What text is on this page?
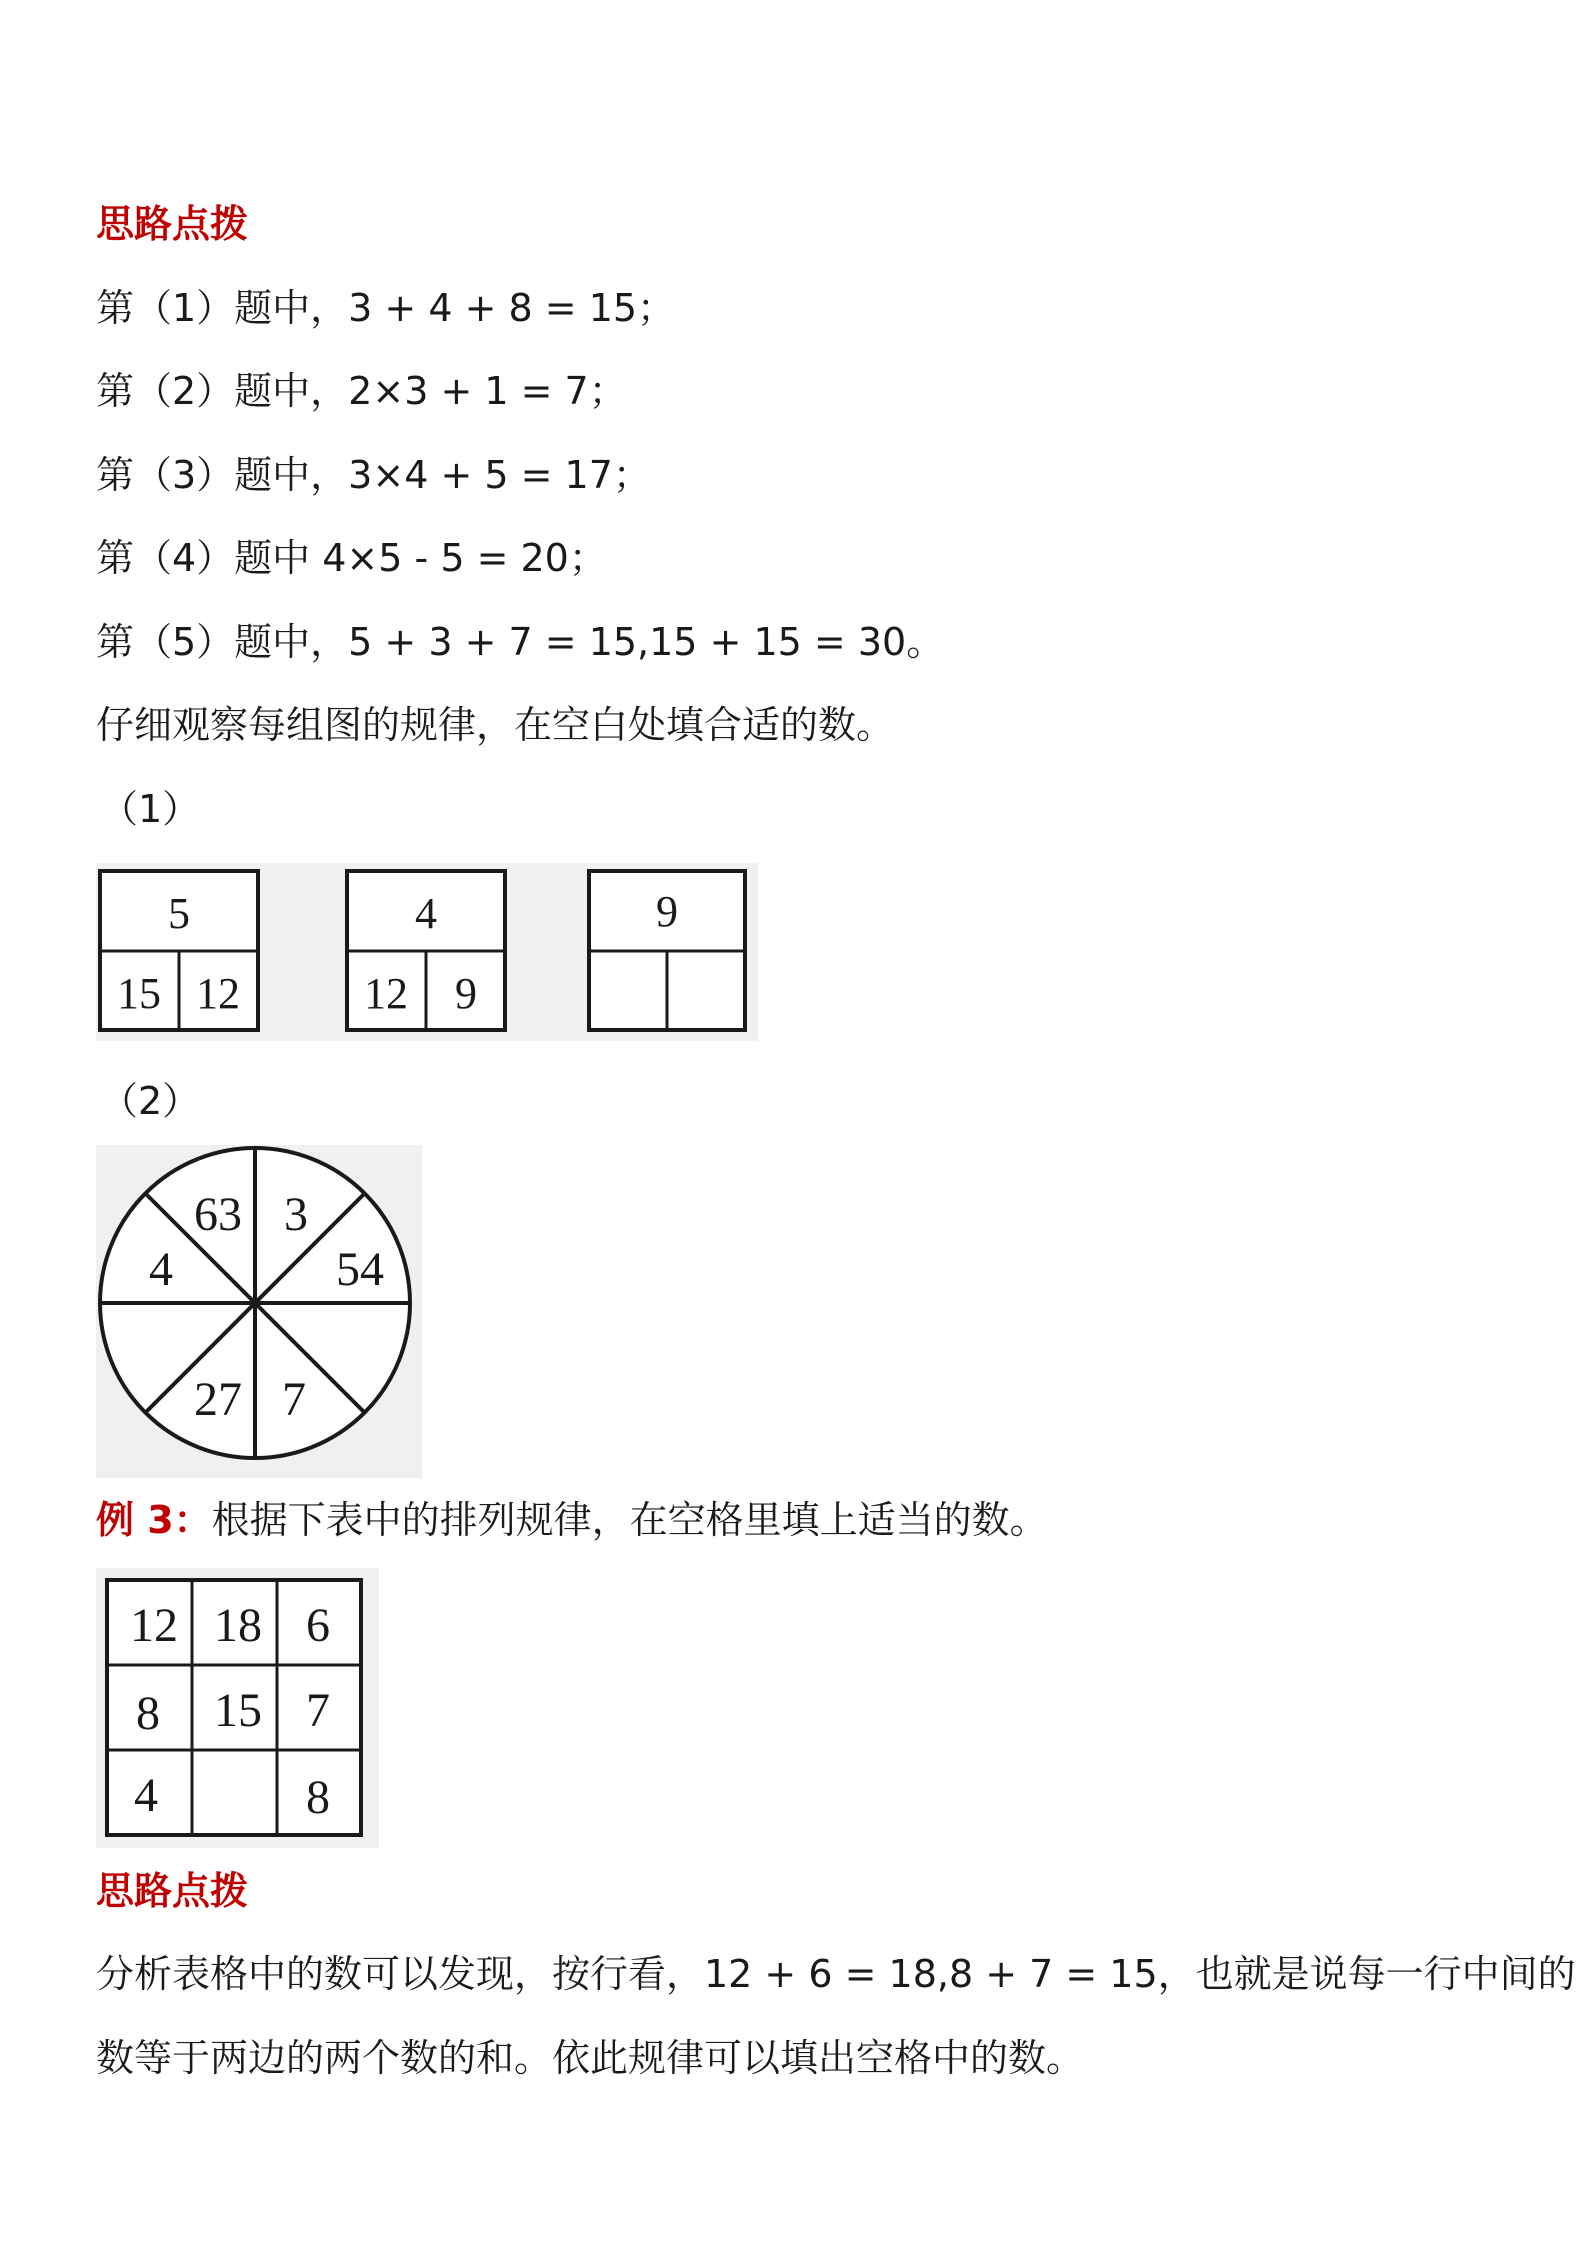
思路点拨
第（1）题中，3 + 4 + 8 = 15；
第（2）题中，2×3 + 1 = 7；
第（3）题中，3×4 + 5 = 17；
第（4）题中 4×5 - 5 = 20；
第（5）题中，5 + 3 + 7 = 15,15 + 15 = 30。
仔细观察每组图的规律，在空白处填合适的数。
（1）
5
15 12
4
12 9
9
（2）
63 3
54
4
27 7
例 3：根据下表中的排列规律，在空格里填上适当的数。
12 18 6
8 15 7
4	8
思路点拨
分析表格中的数可以发现，按行看，12 + 6 = 18,8 + 7 = 15，也就是说每一行中间的
数等于两边的两个数的和。依此规律可以填出空格中的数。
